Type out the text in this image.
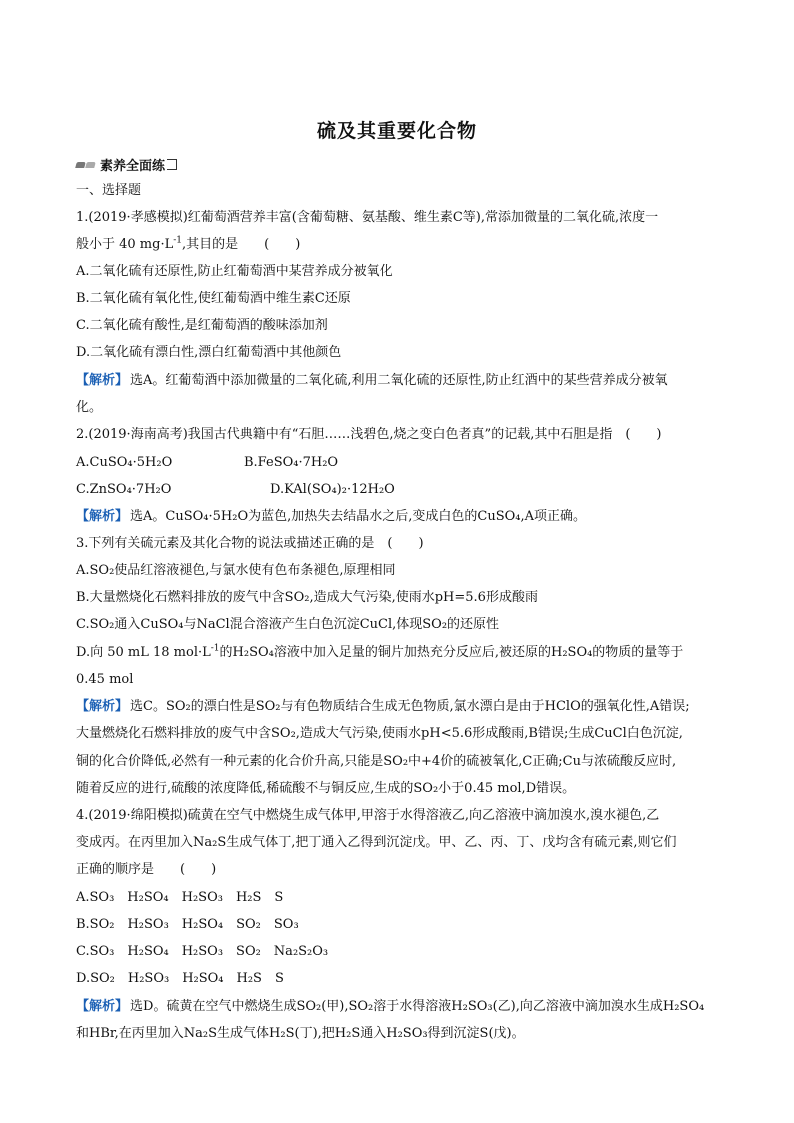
硫及其重要化合物
素养全面练
一、选择题
1.(2019·孝感模拟)红葡萄酒营养丰富(含葡萄糖、氨基酸、维生素C等),常添加微量的二氧化硫,浓度一
般小于 40 $mg\cdot L^{-1}$,其目的是　　(　　)
A.二氧化硫有还原性,防止红葡萄酒中某营养成分被氧化
B.二氧化硫有氧化性,使红葡萄酒中维生素C还原
C.二氧化硫有酸性,是红葡萄酒的酸味添加剂
D.二氧化硫有漂白性,漂白红葡萄酒中其他颜色
【解析】 选A。红葡萄酒中添加微量的二氧化硫,利用二氧化硫的还原性,防止红酒中的某些营养成分被氧
化。
2.(2019·海南高考)我国古代典籍中有“石胆……浅碧色,烧之变白色者真”的记载,其中石胆是指　(　　)
A.CuSO₄·5H₂O	B.FeSO₄·7H₂O
C.ZnSO₄·7H₂O	D.KAl(SO₄)₂·12H₂O
【解析】 选A。CuSO₄·5H₂O为蓝色,加热失去结晶水之后,变成白色的CuSO₄,A项正确。
3.下列有关硫元素及其化合物的说法或描述正确的是　(　　)
A.SO₂使品红溶液褪色,与氯水使有色布条褪色,原理相同
B.大量燃烧化石燃料排放的废气中含SO₂,造成大气污染,使雨水pH=5.6形成酸雨
C.SO₂通入CuSO₄与NaCl混合溶液产生白色沉淀CuCl,体现SO₂的还原性
D.向 50 mL 18 $mol\cdot L^{-1}$的H₂SO₄溶液中加入足量的铜片加热充分反应后,被还原的H₂SO₄的物质的量等于
0.45 mol
【解析】 选C。SO₂的漂白性是SO₂与有色物质结合生成无色物质,氯水漂白是由于HClO的强氧化性,A错误;
大量燃烧化石燃料排放的废气中含SO₂,造成大气污染,使雨水pH<5.6形成酸雨,B错误;生成CuCl白色沉淀,
铜的化合价降低,必然有一种元素的化合价升高,只能是SO₂中+4价的硫被氧化,C正确;Cu与浓硫酸反应时,
随着反应的进行,硫酸的浓度降低,稀硫酸不与铜反应,生成的SO₂小于0.45 mol,D错误。
4.(2019·绵阳模拟)硫黄在空气中燃烧生成气体甲,甲溶于水得溶液乙,向乙溶液中滴加溴水,溴水褪色,乙
变成丙。在丙里加入Na₂S生成气体丁,把丁通入乙得到沉淀戊。甲、乙、丙、丁、戊均含有硫元素,则它们
正确的顺序是　　(　　)
A.SO₃　H₂SO₄　H₂SO₃　H₂S　S
B.SO₂　H₂SO₃　H₂SO₄　SO₂　SO₃
C.SO₃　H₂SO₄　H₂SO₃　SO₂　Na₂S₂O₃
D.SO₂　H₂SO₃　H₂SO₄　H₂S　S
【解析】 选D。硫黄在空气中燃烧生成SO₂(甲),SO₂溶于水得溶液H₂SO₃(乙),向乙溶液中滴加溴水生成H₂SO₄
和HBr,在丙里加入Na₂S生成气体H₂S(丁),把H₂S通入H₂SO₃得到沉淀S(戊)。
